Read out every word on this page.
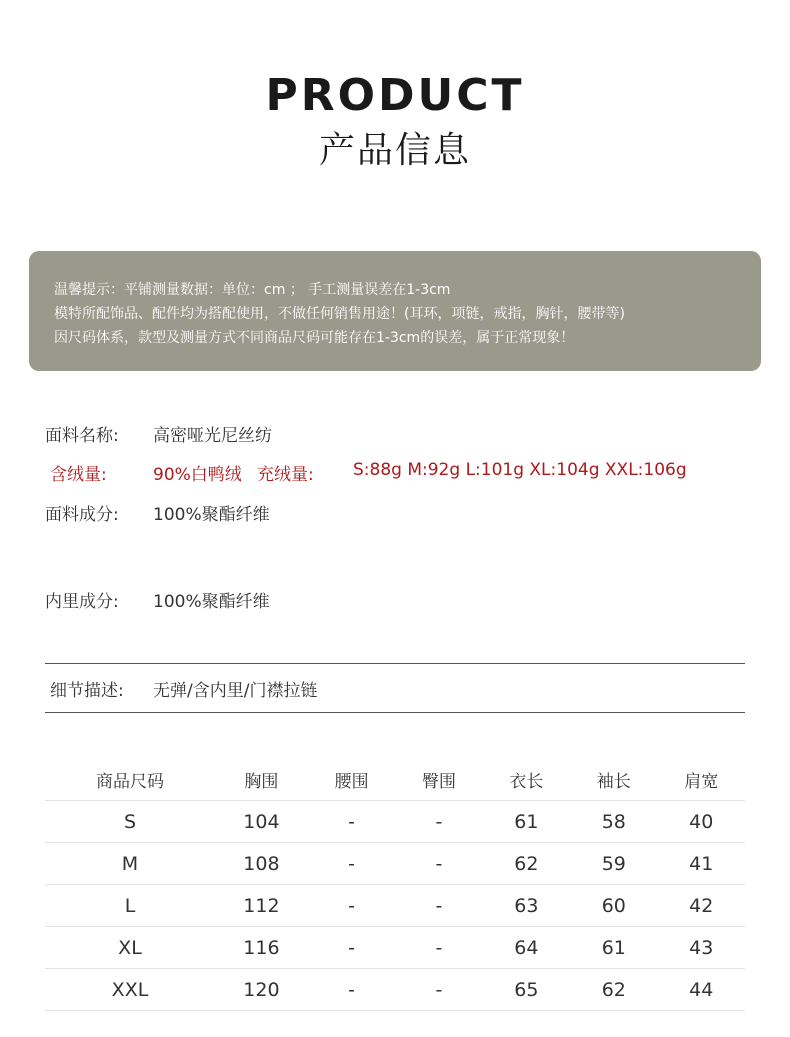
PRODUCT
产品信息
温馨提示：平铺测量数据：单位：cm ； 手工测量误差在1-3cm
模特所配饰品、配件均为搭配使用，不做任何销售用途！(耳环，项链，戒指，胸针，腰带等)
因尺码体系，款型及测量方式不同商品尺码可能存在1-3cm的误差，属于正常现象！
面料名称: 高密哑光尼丝纺
含绒量:	90%白鸭绒 充绒量: S:88g M:92g L:101g XL:104g XXL:106g
面料成分: 100%聚酯纤维
内里成分: 100%聚酯纤维
细节描述: 无弹/含内里/门襟拉链
商品尺码	胸围	腰围	臀围	衣长	袖长	肩宽
S	104	-	-	61	58	40
M	108	-	-	62	59	41
L	112	-	-	63	60	42
XL	116	-	-	64	61	43
XXL	120	-	-	65	62	44
